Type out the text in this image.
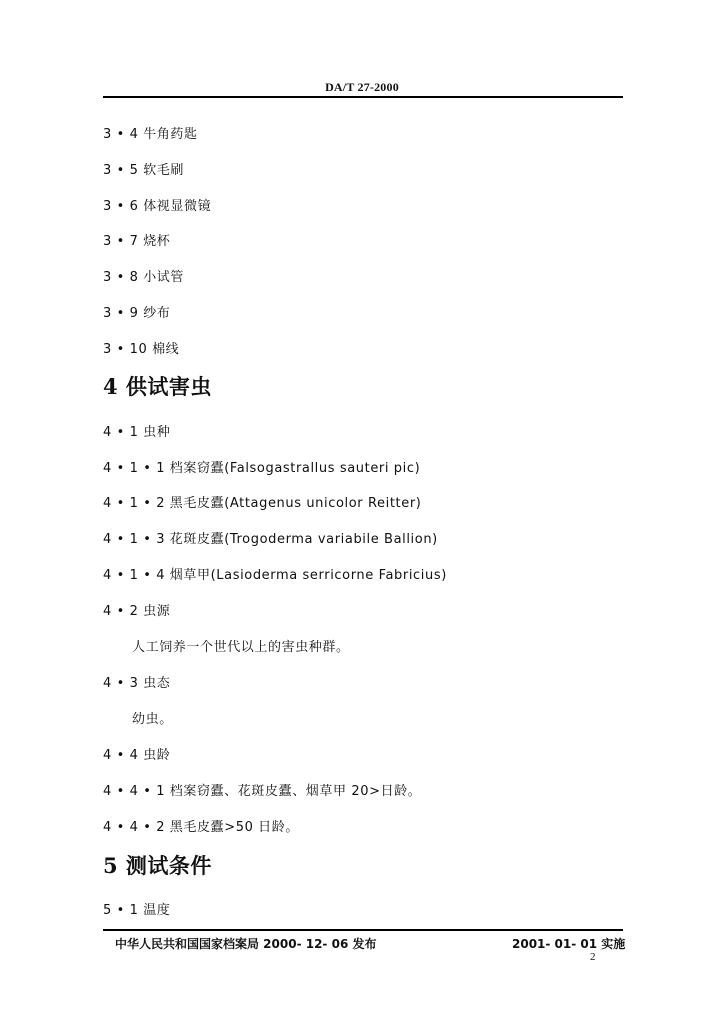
DA/T 27-2000
3 • 4 牛角药匙
3 • 5 软毛刷
3 • 6 体视显微镜
3 • 7 烧杯
3 • 8 小试管
3 • 9 纱布
3 • 10 棉线
4 供试害虫
4 • 1 虫种
4 • 1 • 1 档案窃蠹(Falsogastrallus sauteri pic)
4 • 1 • 2 黑毛皮蠹(Attagenus unicolor Reitter)
4 • 1 • 3 花斑皮蠹(Trogoderma variabile Ballion)
4 • 1 • 4 烟草甲(Lasioderma serricorne Fabricius)
4 • 2 虫源
人工饲养一个世代以上的害虫种群。
4 • 3 虫态
幼虫。
4 • 4 虫龄
4 • 4 • 1 档案窃蠹、花斑皮蠹、烟草甲 20>日龄。
4 • 4 • 2 黑毛皮蠹>50 日龄。
5 测试条件
5 • 1 温度
中华人民共和国国家档案局 2000- 12- 06 发布	2001- 01- 01 实施
2
